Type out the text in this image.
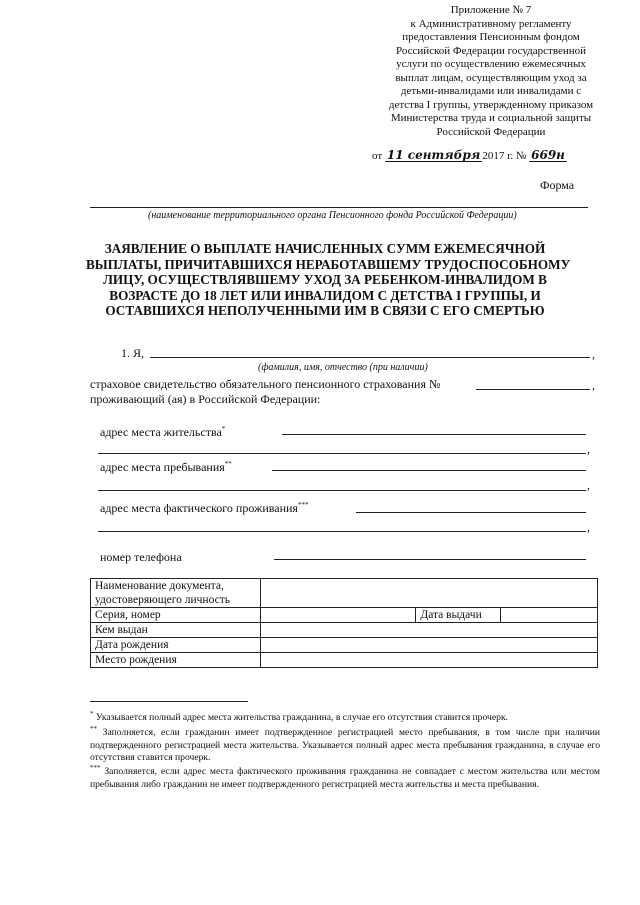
Приложение № 7
к Административному регламенту
предоставления Пенсионным фондом
Российской Федерации государственной
услуги по осуществлению ежемесячных
выплат лицам, осуществляющим уход за
детьми-инвалидами или инвалидами с
детства I группы, утвержденному приказом
Министерства труда и социальной защиты
Российской Федерации
от 11 сентября 2017 г. № 669н
Форма
(наименование территориального органа Пенсионного фонда Российской Федерации)
ЗАЯВЛЕНИЕ О ВЫПЛАТЕ НАЧИСЛЕННЫХ СУММ ЕЖЕМЕСЯЧНОЙ
ВЫПЛАТЫ, ПРИЧИТАВШИХСЯ НЕРАБОТАВШЕМУ ТРУДОСПОСОБНОМУ
ЛИЦУ, ОСУЩЕСТВЛЯВШЕМУ УХОД ЗА РЕБЕНКОМ-ИНВАЛИДОМ В
ВОЗРАСТЕ ДО 18 ЛЕТ ИЛИ ИНВАЛИДОМ С ДЕТСТВА I ГРУППЫ, И
ОСТАВШИХСЯ НЕПОЛУЧЕННЫМИ ИМ В СВЯЗИ С ЕГО СМЕРТЬЮ
1. Я,	,
(фамилия, имя, отчество (при наличии)
страховое свидетельство обязательного пенсионного страхования №	,
проживающий (ая) в Российской Федерации:
адрес места жительства*
,
адрес места пребывания**
,
адрес места фактического проживания***
,
номер телефона
Наименование документа,
удостоверяющего личность			
Серия, номер		Дата выдачи	
Кем выдан			
Дата рождения			
Место рождения			
* Указывается полный адрес места жительства гражданина, в случае его отсутствия ставится прочерк.
** Заполняется, если гражданин имеет подтвержденное регистрацией место пребывания, в том числе при наличии подтвержденного регистрацией места жительства. Указывается полный адрес места пребывания гражданина, в случае его отсутствия ставится прочерк.
*** Заполняется, если адрес места фактического проживания гражданина не совпадает с местом жительства или местом пребывания либо гражданин не имеет подтвержденного регистрацией места жительства и места пребывания.
